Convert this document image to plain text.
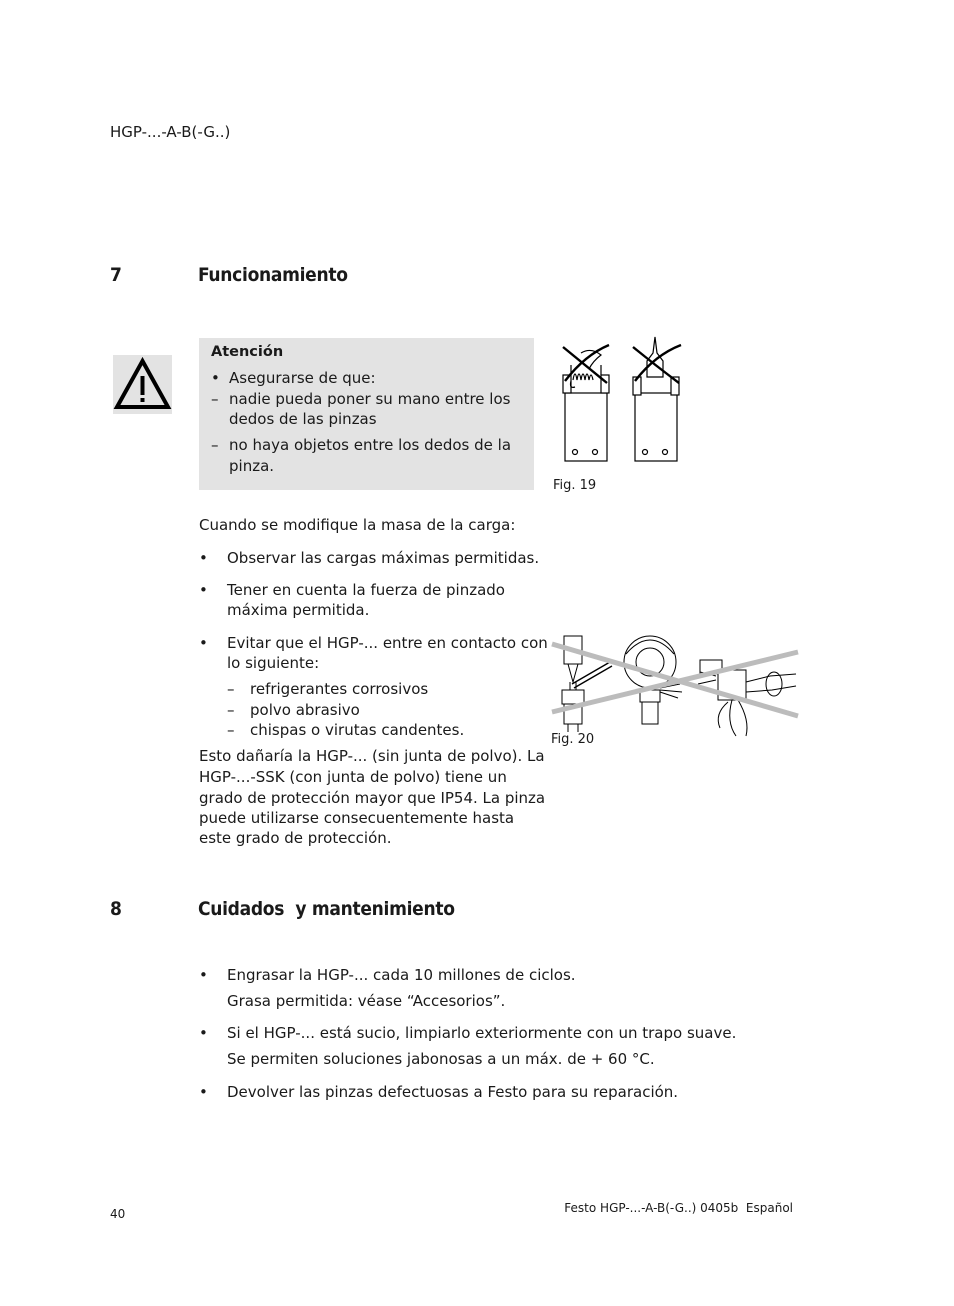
HGP-...-A-B(-G..)
7	Funcionamiento
Atención
• Asegurarse de que:
– nadie pueda poner su mano entre los
dedos de las pinzas
– no haya objetos entre los dedos de la
pinza.
Fig. 19
Cuando se modifique la masa de la carga:
• Observar las cargas máximas permitidas.
• Tener en cuenta la fuerza de pinzado
máxima permitida.
• Evitar que el HGP-... entre en contacto con
lo siguiente:
– refrigerantes corrosivos
– polvo abrasivo
– chispas o virutas candentes.
Esto dañaría la HGP-... (sin junta de polvo). La
HGP-...-SSK (con junta de polvo) tiene un
grado de protección mayor que IP54. La pinza
puede utilizarse consecuentemente hasta
este grado de protección.
Fig. 20
8	Cuidados  y mantenimiento
• Engrasar la HGP-... cada 10 millones de ciclos.
Grasa permitida: véase “Accesorios”.
• Si el HGP-... está sucio, limpiarlo exteriormente con un trapo suave.
Se permiten soluciones jabonosas a un máx. de + 60 °C.
• Devolver las pinzas defectuosas a Festo para su reparación.
40	Festo HGP-...-A-B(-G..) 0405b  Español
